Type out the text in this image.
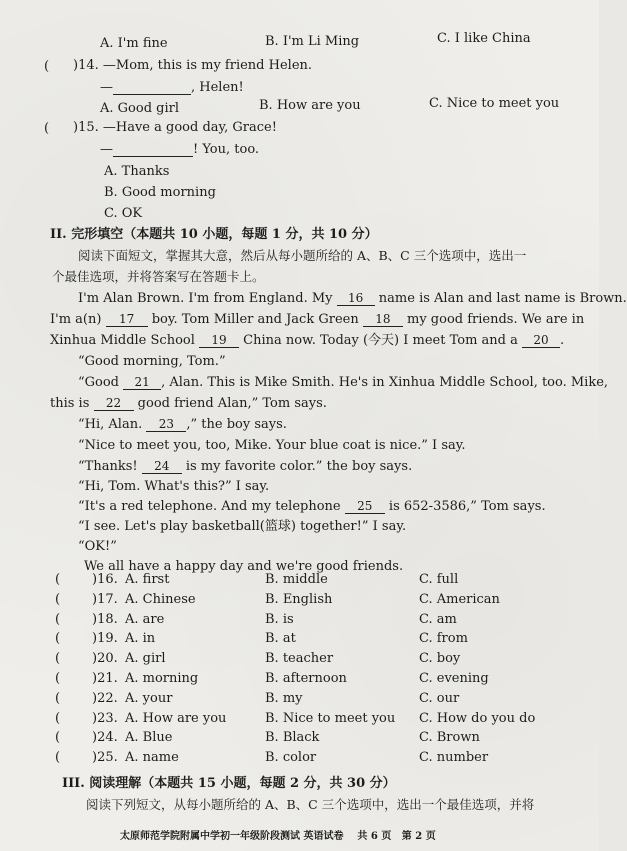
A. I'm fine	B. I'm Li Ming	C. I like China
( )14. —Mom, this is my friend Helen.
—	, Helen!
A. Good girl	B. How are you	C. Nice to meet you
( )15. —Have a good day, Grace!
—	! You, too.
A. Thanks
B. Good morning
C. OK
II. 完形填空（本题共 10 小题，每题 1 分，共 10 分）
阅读下面短文，掌握其大意，然后从每小题所给的 A、B、C 三个选项中，选出一
个最佳选项，并将答案写在答题卡上。
I'm Alan Brown. I'm from England. My 16 name is Alan and last name is Brown.
I'm a(n) 17 boy. Tom Miller and Jack Green 18 my good friends. We are in
Xinhua Middle School 19 China now. Today (今天) I meet Tom and a 20 .
“Good morning, Tom.”
“Good 21 , Alan. This is Mike Smith. He's in Xinhua Middle School, too. Mike,
this is 22 good friend Alan,” Tom says.
“Hi, Alan. 23 ,” the boy says.
“Nice to meet you, too, Mike. Your blue coat is nice.” I say.
“Thanks! 24 is my favorite color.” the boy says.
“Hi, Tom. What's this?” I say.
“It's a red telephone. And my telephone 25 is 652-3586,” Tom says.
“I see. Let's play basketball(篮球) together!” I say.
“OK!”
We all have a happy day and we're good friends.
( )16. A. first	B. middle	C. full
( )17. A. Chinese	B. English	C. American
( )18. A. are	B. is	C. am
( )19. A. in	B. at	C. from
( )20. A. girl	B. teacher	C. boy
( )21. A. morning	B. afternoon	C. evening
( )22. A. your	B. my	C. our
( )23. A. How are you	B. Nice to meet you C. How do you do
( )24. A. Blue	B. Black	C. Brown
( )25. A. name	B. color	C. number
III. 阅读理解（本题共 15 小题，每题 2 分，共 30 分）
阅读下列短文，从每小题所给的 A、B、C 三个选项中，选出一个最佳选项，并将
太原师范学院附属中学初一年级阶段测试 英语试卷 共 6 页 第 2 页
